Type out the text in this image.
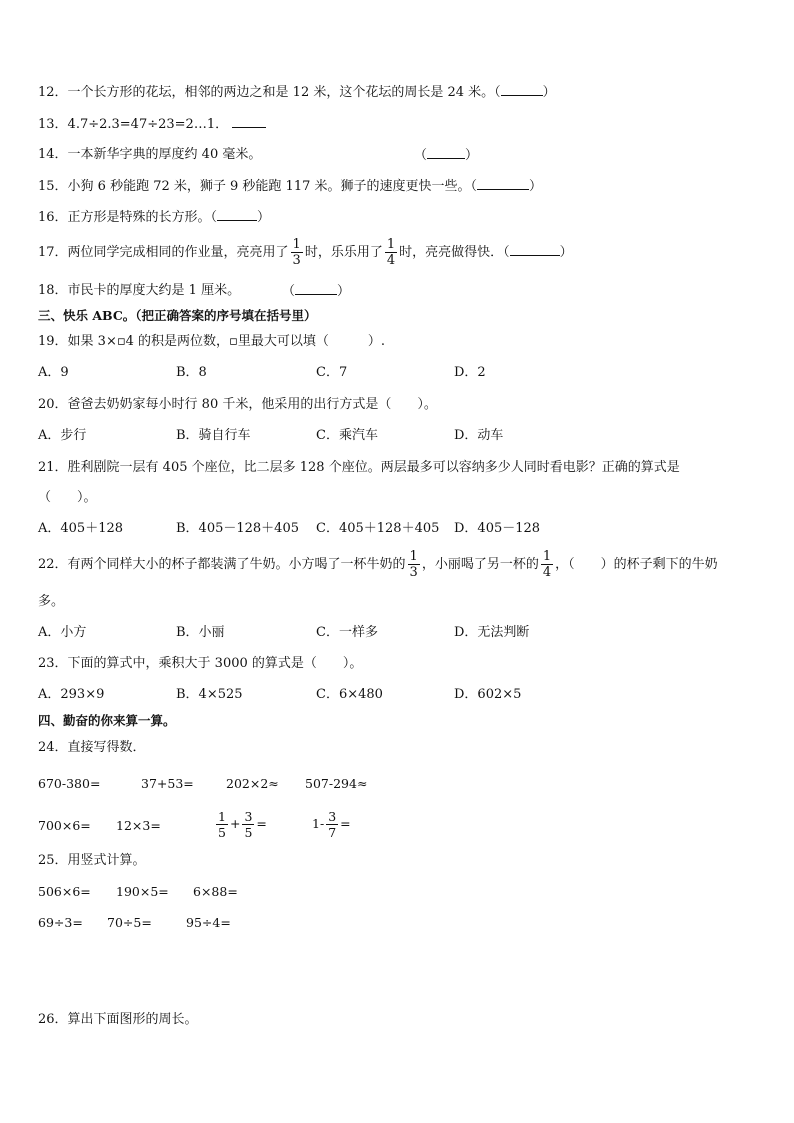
12．一个长方形的花坛，相邻的两边之和是 12 米，这个花坛的周长是 24 米。（	）
13．4.7÷2.3=47÷23=2…1．
14．一本新华字典的厚度约 40 毫米。	（	）
15．小狗 6 秒能跑 72 米，狮子 9 秒能跑 117 米。狮子的速度更快一些。（	）
16．正方形是特殊的长方形。（	）
17．两位同学完成相同的作业量，亮亮用了 $\frac{1}{3}$ 时，乐乐用了 $\frac{1}{4}$ 时，亮亮做得快．（	）
18．市民卡的厚度大约是 1 厘米。	（	）
三、快乐 ABC。（把正确答案的序号填在括号里）
19．如果 3×▫4 的积是两位数，▫里最大可以填（　　　）.
A．9	B．8	C．7	D．2
20．爸爸去奶奶家每小时行 80 千米，他采用的出行方式是（　　）。
A．步行	B．骑自行车	C．乘汽车	D．动车
21．胜利剧院一层有 405 个座位，比二层多 128 个座位。两层最多可以容纳多少人同时看电影？正确的算式是
（　　）。
A．405＋128	B．405－128＋405 C．405＋128＋405 D．405－128
22．有两个同样大小的杯子都装满了牛奶。小方喝了一杯牛奶的 $\frac{1}{3}$ ，小丽喝了另一杯的 $\frac{1}{4}$ ，（　　）的杯子剩下的牛奶
多。
A．小方	B．小丽	C．一样多	D．无法判断
23．下面的算式中，乘积大于 3000 的算式是（　　）。
A．293×9	B．4×525	C．6×480	D．602×5
四、勤奋的你来算一算。
24．直接写得数．
670-380=	37+53=	202×2≈ 507-294≈
700×6= 12×3=	$\frac{1}{5} + \frac{3}{5}$ =	$1- \frac{3}{7}$ =
25．用竖式计算。
506×6= 190×5= 6×88=
69÷3= 70÷5=	95÷4=
26．算出下面图形的周长。
